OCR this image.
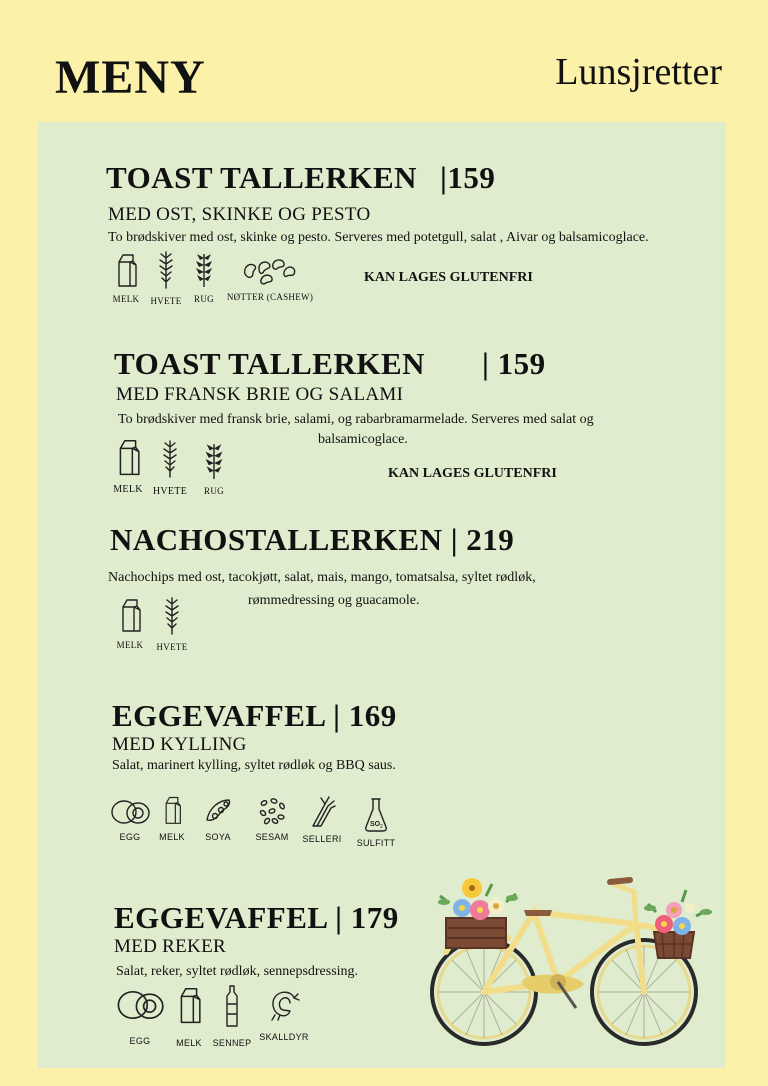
MENY	Lunsjretter
TOAST TALLERKEN |159
MED OST, SKINKE OG PESTO
To brødskiver med ost, skinke og pesto. Serveres med potetgull, salat , Aivar og balsamicoglace.
KAN LAGES GLUTENFRI
MELK	HVETE	RUG	NØTTER (CASHEW)
TOAST TALLERKEN | 159
MED FRANSK BRIE OG SALAMI
To brødskiver med fransk brie, salami, og rabarbramarmelade. Serveres med salat og
balsamicoglace.
KAN LAGES GLUTENFRI
MELK	HVETE	RUG
NACHOSTALLERKEN | 219
Nachochips med ost, tacokjøtt, salat, mais, mango, tomatsalsa, syltet rødløk,
rømmedressing og guacamole.
MELK	HVETE
EGGEVAFFEL | 169
MED KYLLING
Salat, marinert kylling, syltet rødløk og BBQ saus.
EGG	MELK	SOYA	SESAM	SELLERI
SO 2
SULFITT
EGGEVAFFEL | 179
MED REKER
Salat, reker, syltet rødløk, sennepsdressing.
EGG	MELK	SENNEP
SKALLDYR
